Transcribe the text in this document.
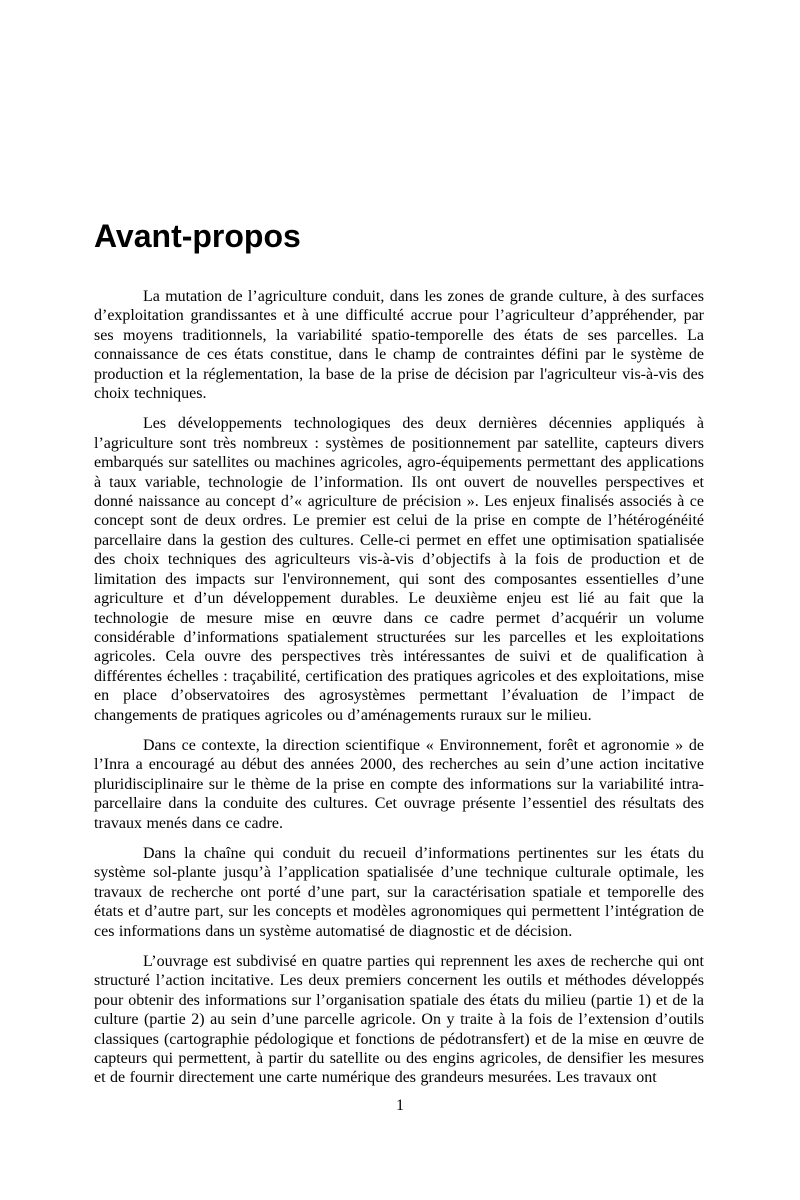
Avant-propos

La mutation de l’agriculture conduit, dans les zones de grande culture, à des surfaces d’exploitation grandissantes et à une difficulté accrue pour l’agriculteur d’appréhender, par ses moyens traditionnels, la variabilité spatio-temporelle des états de ses parcelles. La connaissance de ces états constitue, dans le champ de contraintes défini par le système de production et la réglementation, la base de la prise de décision par l'agriculteur vis-à-vis des choix techniques.

Les développements technologiques des deux dernières décennies appliqués à l’agriculture sont très nombreux : systèmes de positionnement par satellite, capteurs divers embarqués sur satellites ou machines agricoles, agro-équipements permettant des applications à taux variable, technologie de l’information. Ils ont ouvert de nouvelles perspectives et donné naissance au concept d’« agriculture de précision ». Les enjeux finalisés associés à ce concept sont de deux ordres. Le premier est celui de la prise en compte de l’hétérogénéité parcellaire dans la gestion des cultures. Celle-ci permet en effet une optimisation spatialisée des choix techniques des agriculteurs vis-à-vis d’objectifs à la fois de production et de limitation des impacts sur l'environnement, qui sont des composantes essentielles d’une agriculture et d’un développement durables. Le deuxième enjeu est lié au fait que la technologie de mesure mise en œuvre dans ce cadre permet d’acquérir un volume considérable d’informations spatialement structurées sur les parcelles et les exploitations agricoles. Cela ouvre des perspectives très intéressantes de suivi et de qualification à différentes échelles : traçabilité, certification des pratiques agricoles et des exploitations, mise en place d’observatoires des agrosystèmes permettant l’évaluation de l’impact de changements de pratiques agricoles ou d’aménagements ruraux sur le milieu.

Dans ce contexte, la direction scientifique « Environnement, forêt et agronomie » de l’Inra a encouragé au début des années 2000, des recherches au sein d’une action incitative pluridisciplinaire sur le thème de la prise en compte des informations sur la variabilité intra-parcellaire dans la conduite des cultures. Cet ouvrage présente l’essentiel des résultats des travaux menés dans ce cadre.

Dans la chaîne qui conduit du recueil d’informations pertinentes sur les états du système sol-plante jusqu’à l’application spatialisée d’une technique culturale optimale, les travaux de recherche ont porté d’une part, sur la caractérisation spatiale et temporelle des états et d’autre part, sur les concepts et modèles agronomiques qui permettent l’intégration de ces informations dans un système automatisé de diagnostic et de décision.

L’ouvrage est subdivisé en quatre parties qui reprennent les axes de recherche qui ont structuré l’action incitative. Les deux premiers concernent les outils et méthodes développés pour obtenir des informations sur l’organisation spatiale des états du milieu (partie 1) et de la culture (partie 2) au sein d’une parcelle agricole. On y traite à la fois de l’extension d’outils classiques (cartographie pédologique et fonctions de pédotransfert) et de la mise en œuvre de capteurs qui permettent, à partir du satellite ou des engins agricoles, de densifier les mesures et de fournir directement une carte numérique des grandeurs mesurées. Les travaux ont

1
